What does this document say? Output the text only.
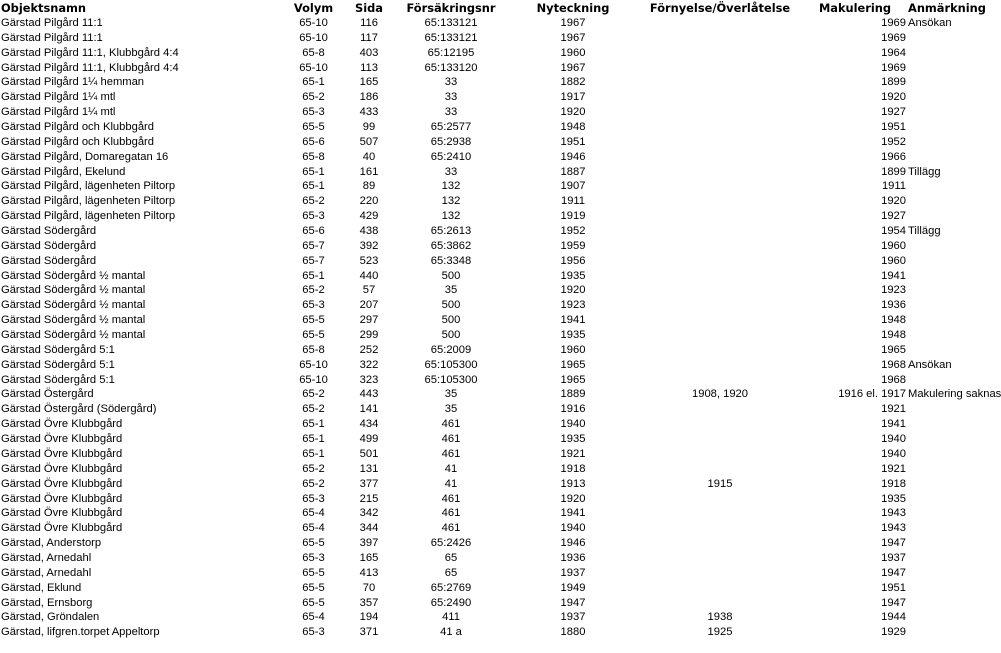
Objektsnamn	Volym	Sida	Försäkringsnr	Nyteckning	Förnyelse/Överlåtelse	Makulering	Anmärkning
Gärstad Pilgård 11:1	65-10	116	65:133121	1967		1969	Ansökan
Gärstad Pilgård 11:1	65-10	117	65:133121	1967		1969	
Gärstad Pilgård 11:1, Klubbgård 4:4	65-8	403	65:12195	1960		1964	
Gärstad Pilgård 11:1, Klubbgård 4:4	65-10	113	65:133120	1967		1969	
Gärstad Pilgård 1¼ hemman	65-1	165	33	1882		1899	
Gärstad Pilgård 1¼ mtl	65-2	186	33	1917		1920	
Gärstad Pilgård 1¼ mtl	65-3	433	33	1920		1927	
Gärstad Pilgård och Klubbgård	65-5	99	65:2577	1948		1951	
Gärstad Pilgård och Klubbgård	65-6	507	65:2938	1951		1952	
Gärstad Pilgård, Domaregatan 16	65-8	40	65:2410	1946		1966	
Gärstad Pilgård, Ekelund	65-1	161	33	1887		1899	Tillägg
Gärstad Pilgård, lägenheten Piltorp	65-1	89	132	1907		1911	
Gärstad Pilgård, lägenheten Piltorp	65-2	220	132	1911		1920	
Gärstad Pilgård, lägenheten Piltorp	65-3	429	132	1919		1927	
Gärstad Södergård	65-6	438	65:2613	1952		1954	Tillägg
Gärstad Södergård	65-7	392	65:3862	1959		1960	
Gärstad Södergård	65-7	523	65:3348	1956		1960	
Gärstad Södergård ½ mantal	65-1	440	500	1935		1941	
Gärstad Södergård ½ mantal	65-2	57	35	1920		1923	
Gärstad Södergård ½ mantal	65-3	207	500	1923		1936	
Gärstad Södergård ½ mantal	65-5	297	500	1941		1948	
Gärstad Södergård ½ mantal	65-5	299	500	1935		1948	
Gärstad Södergård 5:1	65-8	252	65:2009	1960		1965	
Gärstad Södergård 5:1	65-10	322	65:105300	1965		1968	Ansökan
Gärstad Södergård 5:1	65-10	323	65:105300	1965		1968	
Gärstad Östergård	65-2	443	35	1889	1908, 1920	1916 el. 1917	Makulering saknas
Gärstad Östergård (Södergård)	65-2	141	35	1916		1921	
Gärstad Övre Klubbgård	65-1	434	461	1940		1941	
Gärstad Övre Klubbgård	65-1	499	461	1935		1940	
Gärstad Övre Klubbgård	65-1	501	461	1921		1940	
Gärstad Övre Klubbgård	65-2	131	41	1918		1921	
Gärstad Övre Klubbgård	65-2	377	41	1913	1915	1918	
Gärstad Övre Klubbgård	65-3	215	461	1920		1935	
Gärstad Övre Klubbgård	65-4	342	461	1941		1943	
Gärstad Övre Klubbgård	65-4	344	461	1940		1943	
Gärstad, Anderstorp	65-5	397	65:2426	1946		1947	
Gärstad, Arnedahl	65-3	165	65	1936		1937	
Gärstad, Arnedahl	65-5	413	65	1937		1947	
Gärstad, Eklund	65-5	70	65:2769	1949		1951	
Gärstad, Ernsborg	65-5	357	65:2490	1947		1947	
Gärstad, Gröndalen	65-4	194	411	1937	1938	1944	
Gärstad, lifgren.torpet Appeltorp	65-3	371	41 a	1880	1925	1929	
